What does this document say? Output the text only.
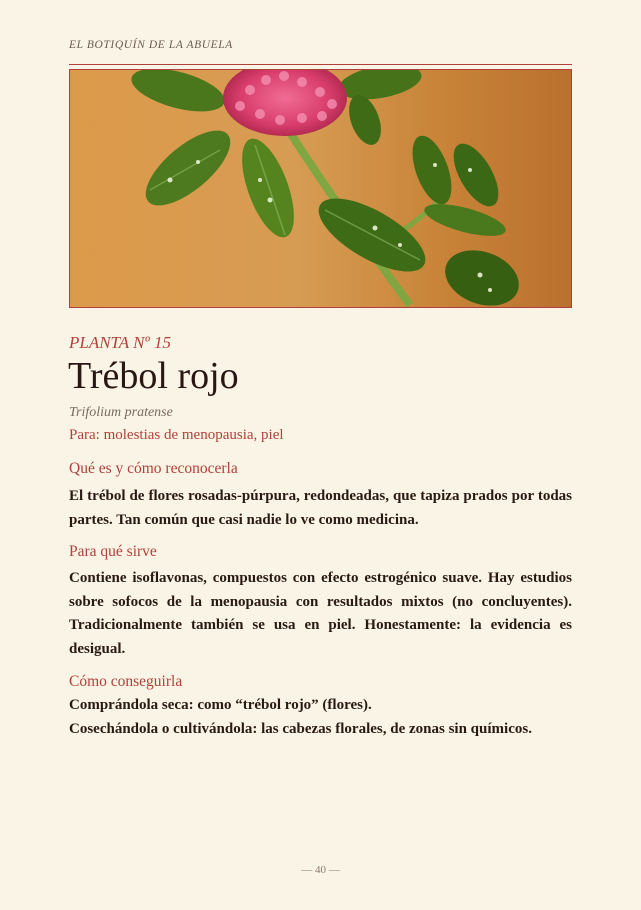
EL BOTIQUÍN DE LA ABUELA
PLANTA Nº 15
Trébol rojo
Trifolium pratense
Para: molestias de menopausia, piel
Qué es y cómo reconocerla
El trébol de flores rosadas-púrpura, redondeadas, que tapiza prados por todas partes. Tan común que casi nadie lo ve como medicina.
Para qué sirve
Contiene isoflavonas, compuestos con efecto estrogénico suave. Hay estudios sobre sofocos de la menopausia con resultados mixtos (no concluyentes). Tradicionalmente también se usa en piel. Honestamente: la evidencia es desigual.
Cómo conseguirla
Comprándola seca: como “trébol rojo” (flores).
Cosechándola o cultivándola: las cabezas florales, de zonas sin químicos.
— 40 —
